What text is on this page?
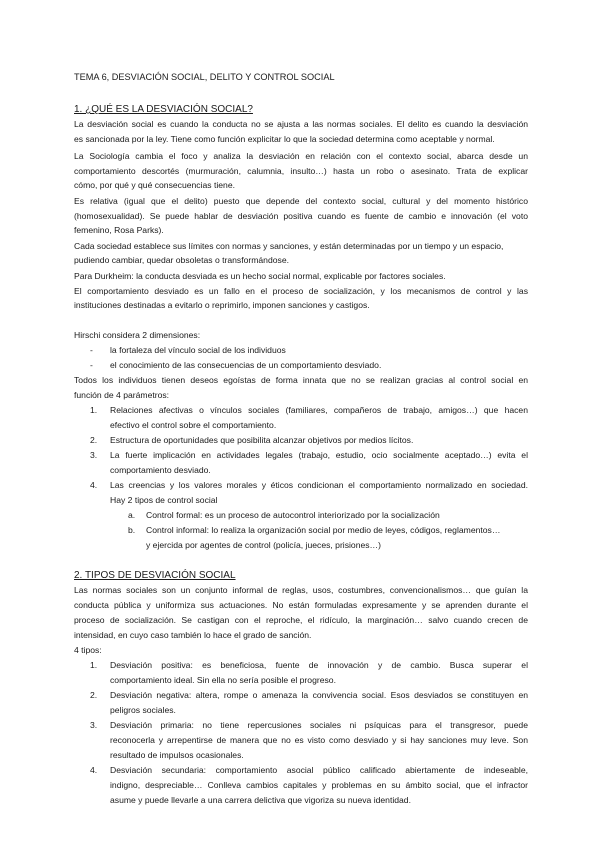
TEMA 6, DESVIACIÓN SOCIAL, DELITO Y CONTROL SOCIAL
1. ¿QUÉ ES LA DESVIACIÓN SOCIAL?
La desviación social es cuando la conducta no se ajusta a las normas sociales. El delito es cuando la desviación
es sancionada por la ley. Tiene como función explicitar lo que la sociedad determina como aceptable y normal.
La Sociología cambia el foco y analiza la desviación en relación con el contexto social, abarca desde un
comportamiento descortés (murmuración, calumnia, insulto…) hasta un robo o asesinato. Trata de explicar
cómo, por qué y qué consecuencias tiene.
Es relativa (igual que el delito) puesto que depende del contexto social, cultural y del momento histórico
(homosexualidad). Se puede hablar de desviación positiva cuando es fuente de cambio e innovación (el voto
femenino, Rosa Parks).
Cada sociedad establece sus límites con normas y sanciones, y están determinadas por un tiempo y un espacio,
pudiendo cambiar, quedar obsoletas o transformándose.
Para Durkheim: la conducta desviada es un hecho social normal, explicable por factores sociales.
El comportamiento desviado es un fallo en el proceso de socialización, y los mecanismos de control y las
instituciones destinadas a evitarlo o reprimirlo, imponen sanciones y castigos.
Hirschi considera 2 dimensiones:
- la fortaleza del vínculo social de los individuos
- el conocimiento de las consecuencias de un comportamiento desviado.
Todos los individuos tienen deseos egoístas de forma innata que no se realizan gracias al control social en
función de 4 parámetros:
1. Relaciones afectivas o vínculos sociales (familiares, compañeros de trabajo, amigos…) que hacen
efectivo el control sobre el comportamiento.
2. Estructura de oportunidades que posibilita alcanzar objetivos por medios lícitos.
3. La fuerte implicación en actividades legales (trabajo, estudio, ocio socialmente aceptado…) evita el
comportamiento desviado.
4. Las creencias y los valores morales y éticos condicionan el comportamiento normalizado en sociedad.
Hay 2 tipos de control social
a. Control formal: es un proceso de autocontrol interiorizado por la socialización
b. Control informal: lo realiza la organización social por medio de leyes, códigos, reglamentos…
y ejercida por agentes de control (policía, jueces, prisiones…)
2. TIPOS DE DESVIACIÓN SOCIAL
Las normas sociales son un conjunto informal de reglas, usos, costumbres, convencionalismos… que guían la
conducta pública y uniformiza sus actuaciones. No están formuladas expresamente y se aprenden durante el
proceso de socialización. Se castigan con el reproche, el ridículo, la marginación… salvo cuando crecen de
intensidad, en cuyo caso también lo hace el grado de sanción.
4 tipos:
1. Desviación positiva: es beneficiosa, fuente de innovación y de cambio. Busca superar el
comportamiento ideal. Sin ella no sería posible el progreso.
2. Desviación negativa: altera, rompe o amenaza la convivencia social. Esos desviados se constituyen en
peligros sociales.
3. Desviación primaria: no tiene repercusiones sociales ni psíquicas para el transgresor, puede
reconocerla y arrepentirse de manera que no es visto como desviado y si hay sanciones muy leve. Son
resultado de impulsos ocasionales.
4. Desviación secundaria: comportamiento asocial público calificado abiertamente de indeseable,
indigno, despreciable… Conlleva cambios capitales y problemas en su ámbito social, que el infractor
asume y puede llevarle a una carrera delictiva que vigoriza su nueva identidad.
